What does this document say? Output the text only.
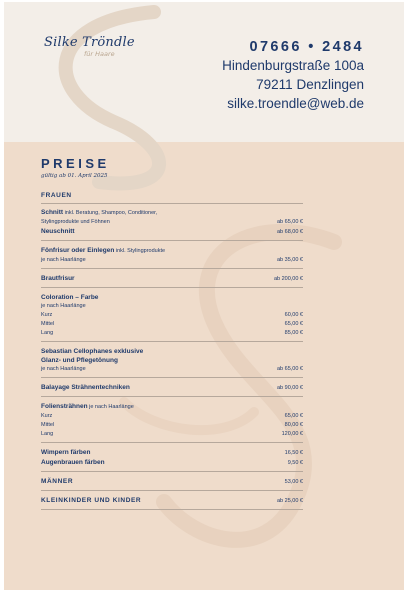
Silke Tröndle
für Haare	07666 • 2484
Hindenburgstraße 100a
79211 Denzlingen
silke.troendle@web.de
PREISE
gültig ab 01. April 2025
FRAUEN
Schnitt inkl. Beratung, Shampoo, Conditioner,
Stylingprodukte und Föhnen	ab 65,00 €
Neuschnitt	ab 68,00 €
Fönfrisur oder Einlegen inkl. Stylingprodukte
je nach Haarlänge	ab 35,00 €
Brautfrisur	ab 200,00 €
Coloration – Farbe
je nach Haarlänge
Kurz	60,00 €
Mittel	65,00 €
Lang	85,00 €
Sebastian Cellophanes exklusive
Glanz- und Pflegetönung
je nach Haarlänge	ab 65,00 €
Balayage Strähnentechniken	ab 90,00 €
Foliensträhnen je nach Haarlänge
Kurz	65,00 €
Mittel	80,00 €
Lang	120,00 €
Wimpern färben	16,50 €
Augenbrauen färben	9,50 €
MÄNNER	53,00 €
KLEINKINDER UND KINDER	ab 25,00 €
